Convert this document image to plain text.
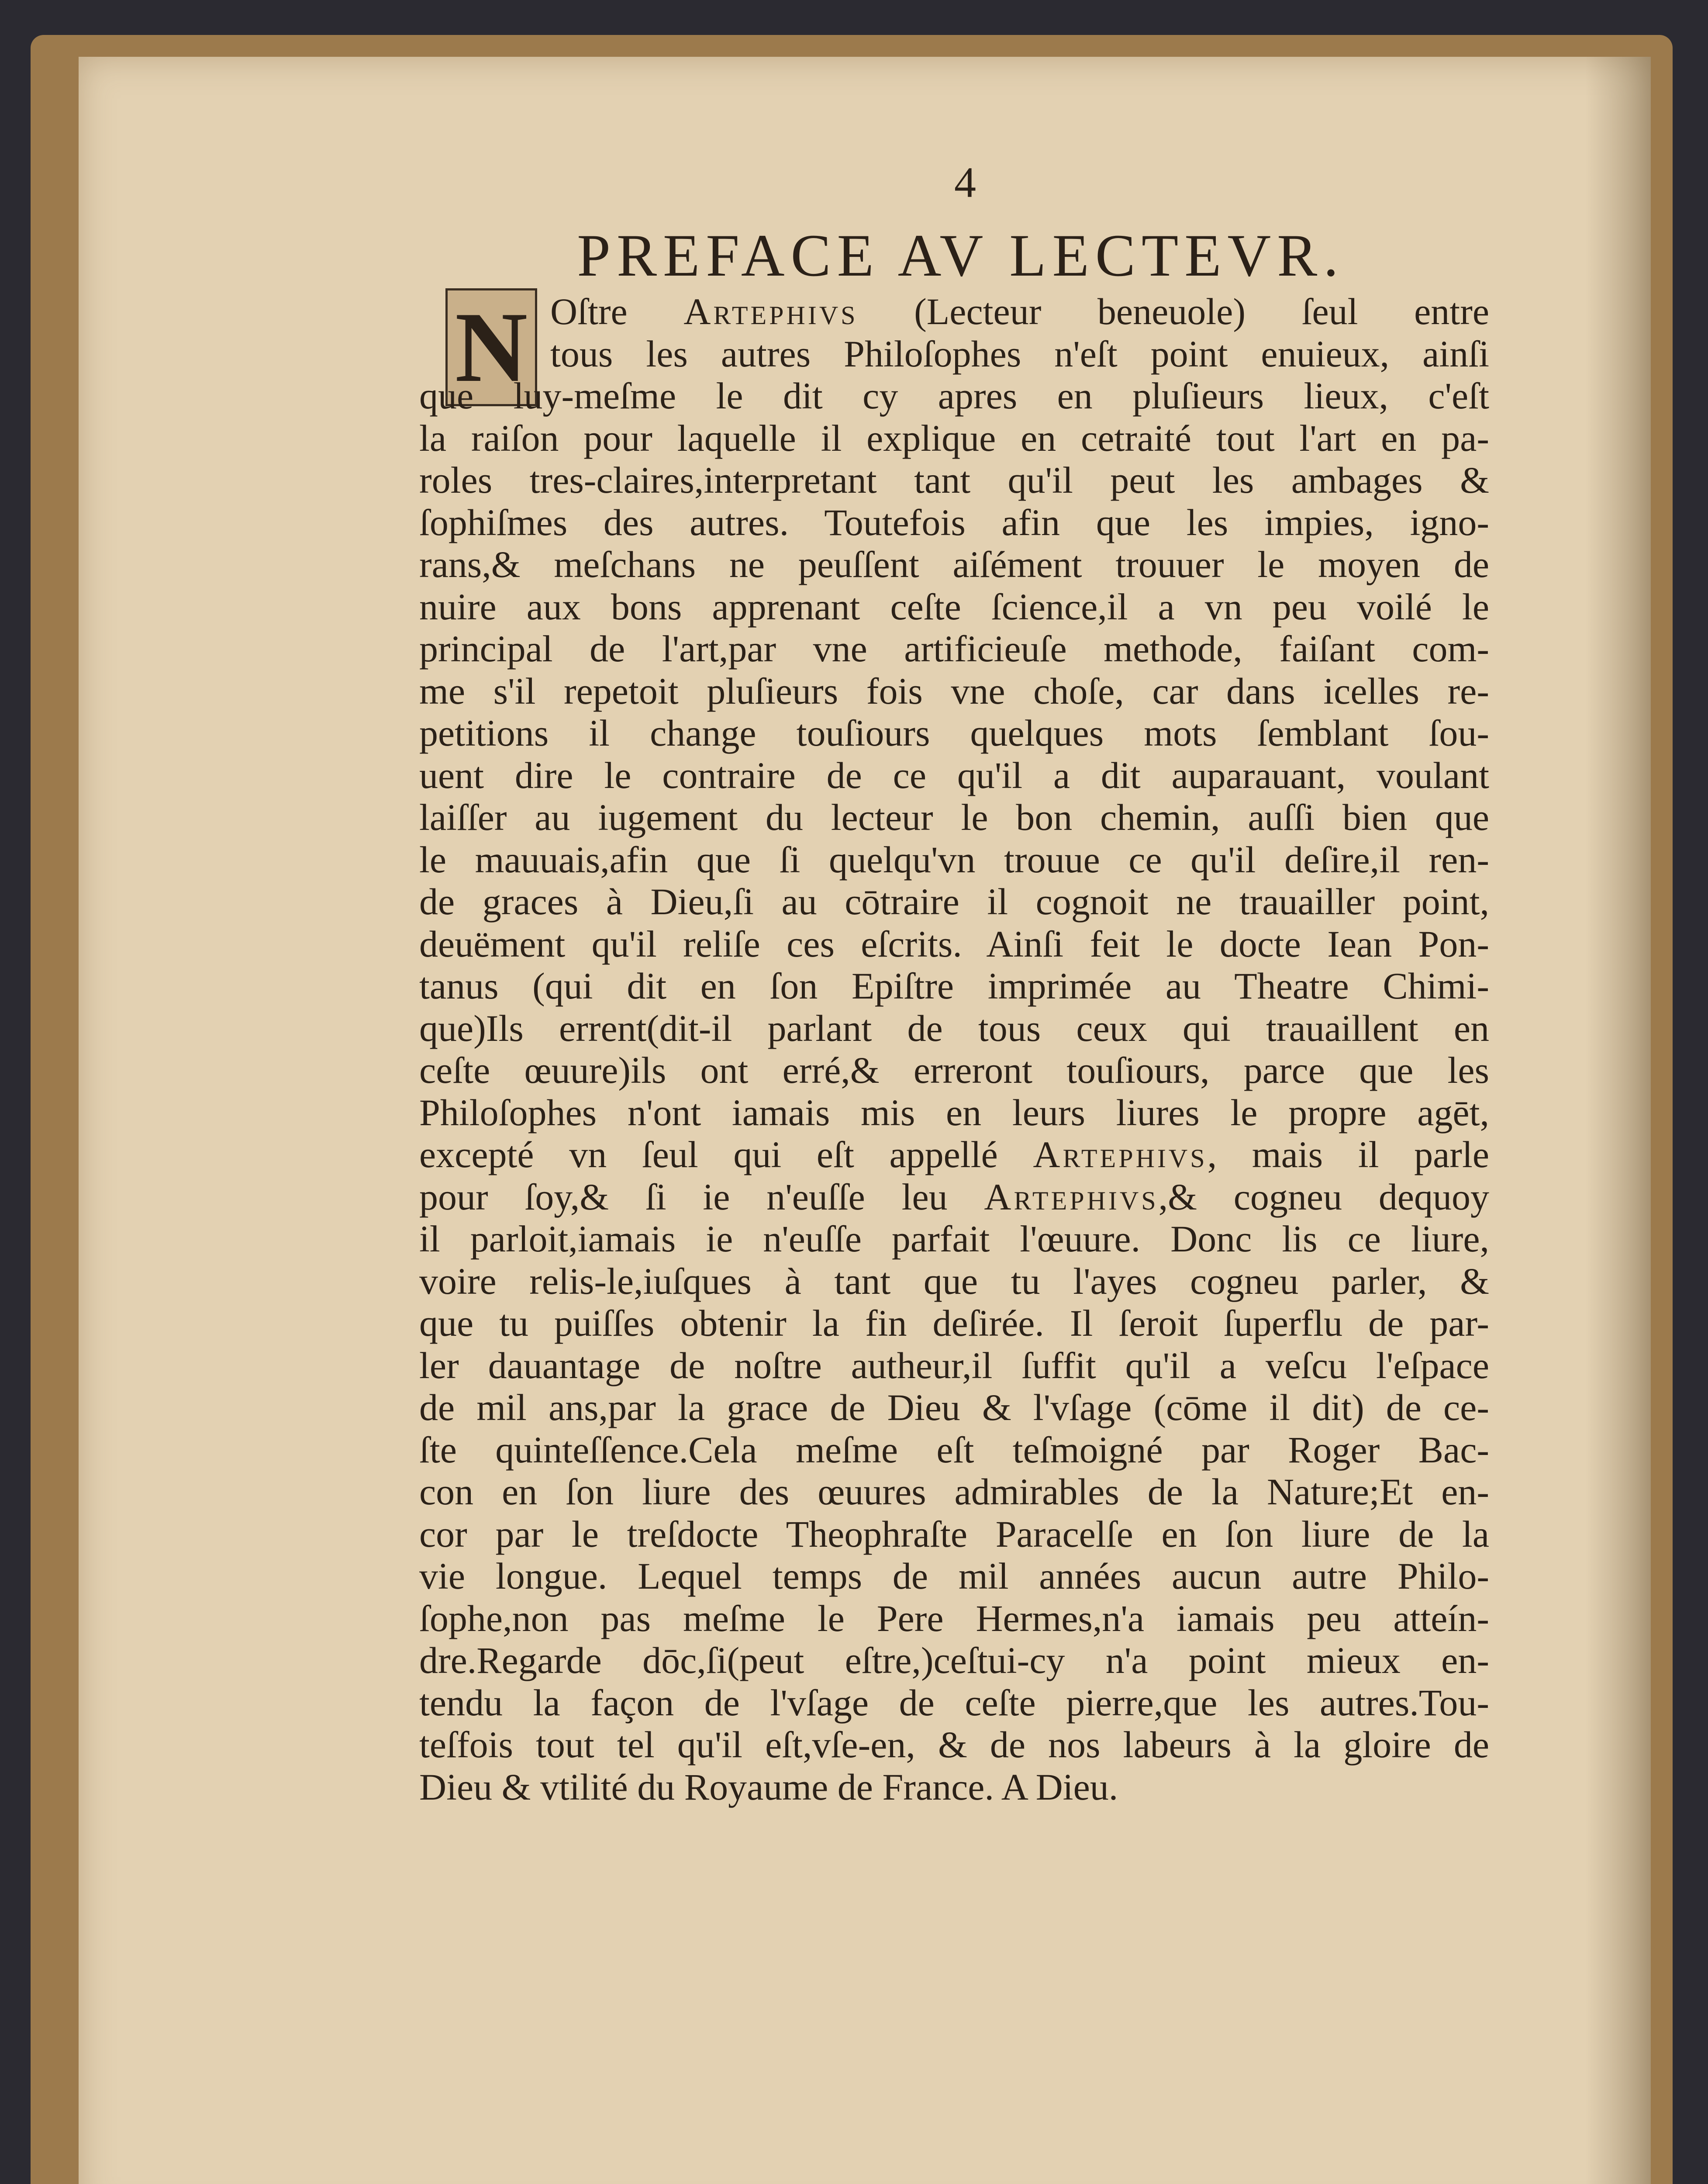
4

PREFACE AV LECTEVR.
N Oſtre Artephivs (Lecteur beneuole) ſeul entre
tous les autres Philoſophes n'eſt point enuieux, ainſi
que luy-meſme le dit cy apres en pluſieurs lieux, c'eſt
la raiſon pour laquelle il explique en cetraité tout l'art en pa-
roles tres-claires,interpretant tant qu'il peut les ambages &
ſophiſmes des autres. Toutefois afin que les impies, igno-
rans,& meſchans ne peuſſent aiſément trouuer le moyen de
nuire aux bons apprenant ceſte ſcience,il a vn peu voilé le
principal de l'art,par vne artificieuſe methode, faiſant com-
me s'il repetoit pluſieurs fois vne choſe, car dans icelles re-
petitions il change touſiours quelques mots ſemblant ſou-
uent dire le contraire de ce qu'il a dit auparauant, voulant
laiſſer au iugement du lecteur le bon chemin, auſſi bien que
le mauuais,afin que ſi quelqu'vn trouue ce qu'il deſire,il ren-
de graces à Dieu,ſi au cōtraire il cognoit ne trauailler point,
deuëment qu'il reliſe ces eſcrits. Ainſi feit le docte Iean Pon-
tanus (qui dit en ſon Epiſtre imprimée au Theatre Chimi-
que)Ils errent(dit-il parlant de tous ceux qui trauaillent en
ceſte œuure)ils ont erré,& erreront touſiours, parce que les
Philoſophes n'ont iamais mis en leurs liures le propre agēt,
excepté vn ſeul qui eſt appellé Artephivs, mais il parle
pour ſoy,& ſi ie n'euſſe leu Artephivs,& cogneu dequoy
il parloit,iamais ie n'euſſe parfait l'œuure. Donc lis ce liure,
voire relis-le,iuſques à tant que tu l'ayes cogneu parler, &
que tu puiſſes obtenir la fin deſirée. Il ſeroit ſuperflu de par-
ler dauantage de noſtre autheur,il ſuffit qu'il a veſcu l'eſpace
de mil ans,par la grace de Dieu & l'vſage (cōme il dit) de ce-
ſte quinteſſence.Cela meſme eſt teſmoigné par Roger Bac-
con en ſon liure des œuures admirables de la Nature;Et en-
cor par le treſdocte Theophraſte Paracelſe en ſon liure de la
vie longue. Lequel temps de mil années aucun autre Philo-
ſophe,non pas meſme le Pere Hermes,n'a iamais peu atteín-
dre.Regarde dōc,ſi(peut eſtre,)ceſtui-cy n'a point mieux en-
tendu la façon de l'vſage de ceſte pierre,que les autres.Tou-
teſfois tout tel qu'il eſt,vſe-en, & de nos labeurs à la gloire de
Dieu & vtilité du Royaume de France. A Dieu.
